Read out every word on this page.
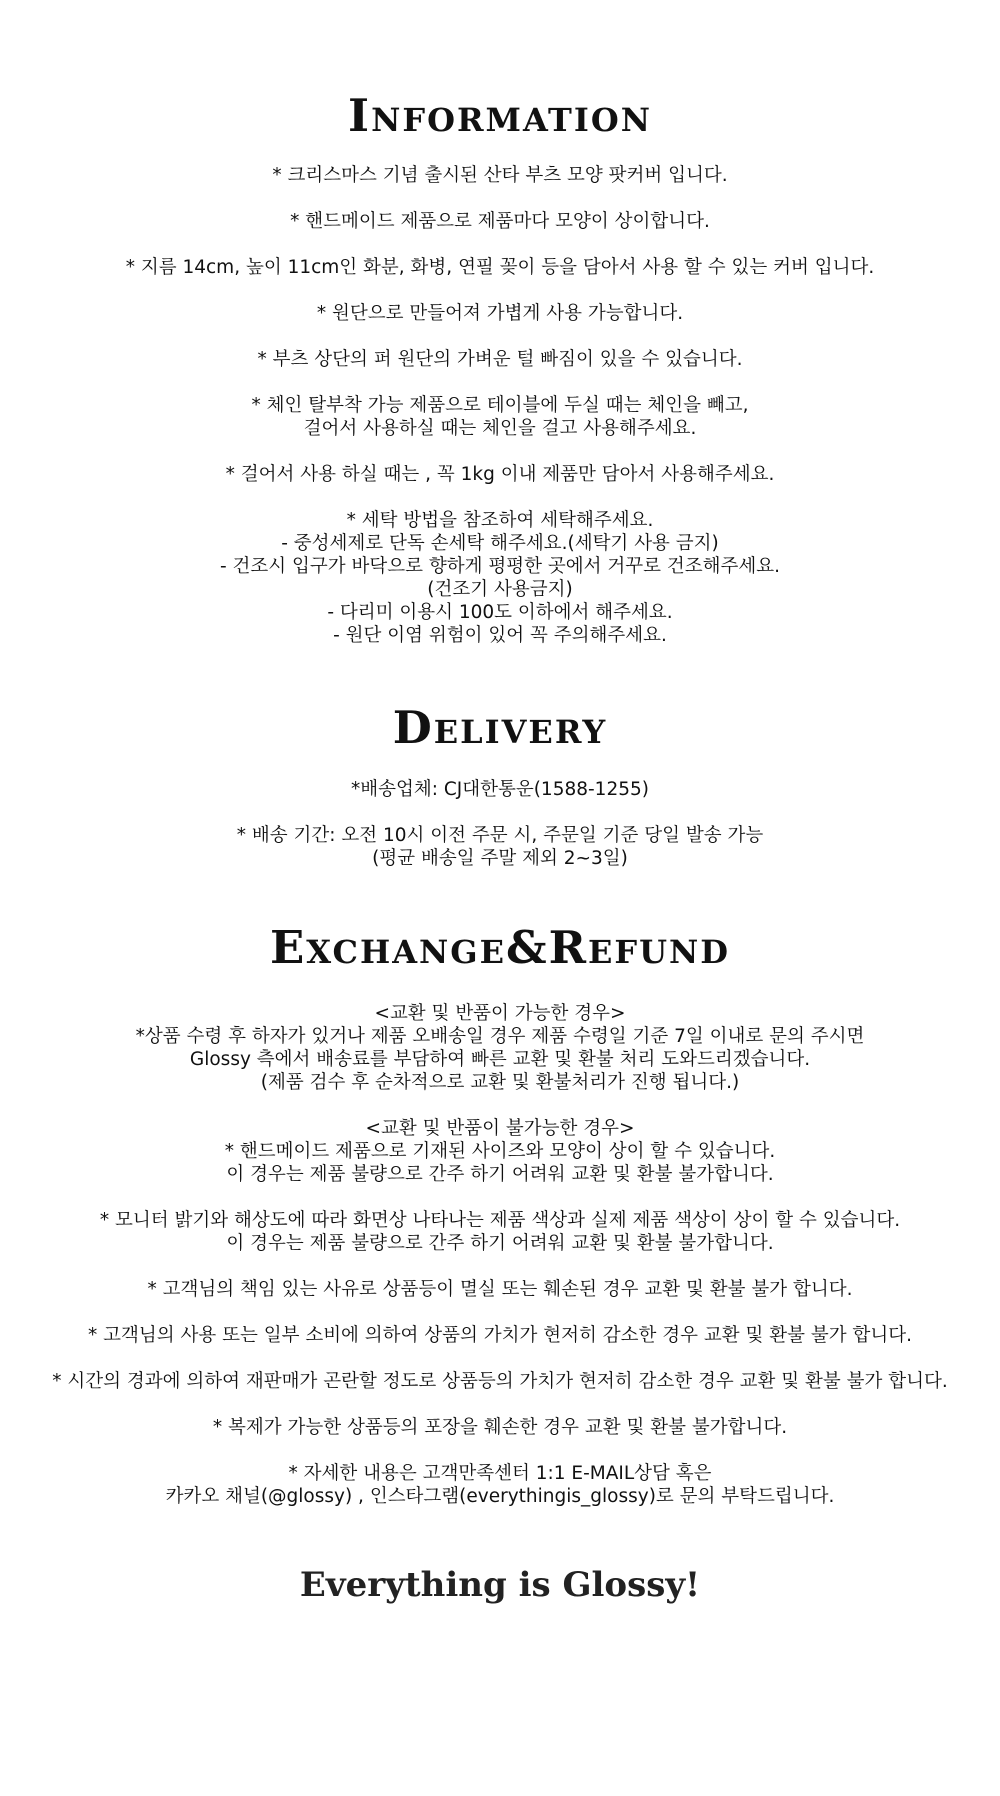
Information
* 크리스마스 기념 출시된 산타 부츠 모양 팟커버 입니다.
* 핸드메이드 제품으로 제품마다 모양이 상이합니다.
* 지름 14cm, 높이 11cm인 화분, 화병, 연필 꽂이 등을 담아서 사용 할 수 있는 커버 입니다.
* 원단으로 만들어져 가볍게 사용 가능합니다.
* 부츠 상단의 퍼 원단의 가벼운 털 빠짐이 있을 수 있습니다.
* 체인 탈부착 가능 제품으로 테이블에 두실 때는 체인을 빼고,
걸어서 사용하실 때는 체인을 걸고 사용해주세요.
* 걸어서 사용 하실 때는 , 꼭 1kg 이내 제품만 담아서 사용해주세요.
* 세탁 방법을 참조하여 세탁해주세요.
- 중성세제로 단독 손세탁 해주세요.(세탁기 사용 금지)
- 건조시 입구가 바닥으로 향하게 평평한 곳에서 거꾸로 건조해주세요.
(건조기 사용금지)
- 다리미 이용시 100도 이하에서 해주세요.
- 원단 이염 위험이 있어 꼭 주의해주세요.
Delivery
*배송업체: CJ대한통운(1588-1255)
* 배송 기간: 오전 10시 이전 주문 시, 주문일 기준 당일 발송 가능
(평균 배송일 주말 제외 2~3일)
Exchange&Refund
<교환 및 반품이 가능한 경우>
*상품 수령 후 하자가 있거나 제품 오배송일 경우 제품 수령일 기준 7일 이내로 문의 주시면
Glossy 측에서 배송료를 부담하여 빠른 교환 및 환불 처리 도와드리겠습니다.
(제품 검수 후 순차적으로 교환 및 환불처리가 진행 됩니다.)
<교환 및 반품이 불가능한 경우>
* 핸드메이드 제품으로 기재된 사이즈와 모양이 상이 할 수 있습니다.
이 경우는 제품 불량으로 간주 하기 어려워 교환 및 환불 불가합니다.
* 모니터 밝기와 해상도에 따라 화면상 나타나는 제품 색상과 실제 제품 색상이 상이 할 수 있습니다.
이 경우는 제품 불량으로 간주 하기 어려워 교환 및 환불 불가합니다.
* 고객님의 책임 있는 사유로 상품등이 멸실 또는 훼손된 경우 교환 및 환불 불가 합니다.
* 고객님의 사용 또는 일부 소비에 의하여 상품의 가치가 현저히 감소한 경우 교환 및 환불 불가 합니다.
* 시간의 경과에 의하여 재판매가 곤란할 정도로 상품등의 가치가 현저히 감소한 경우 교환 및 환불 불가 합니다.
* 복제가 가능한 상품등의 포장을 훼손한 경우 교환 및 환불 불가합니다.
* 자세한 내용은 고객만족센터 1:1 E-MAIL상담 혹은
카카오 채널(@glossy) , 인스타그램(everythingis_glossy)로 문의 부탁드립니다.
Everything is Glossy!
